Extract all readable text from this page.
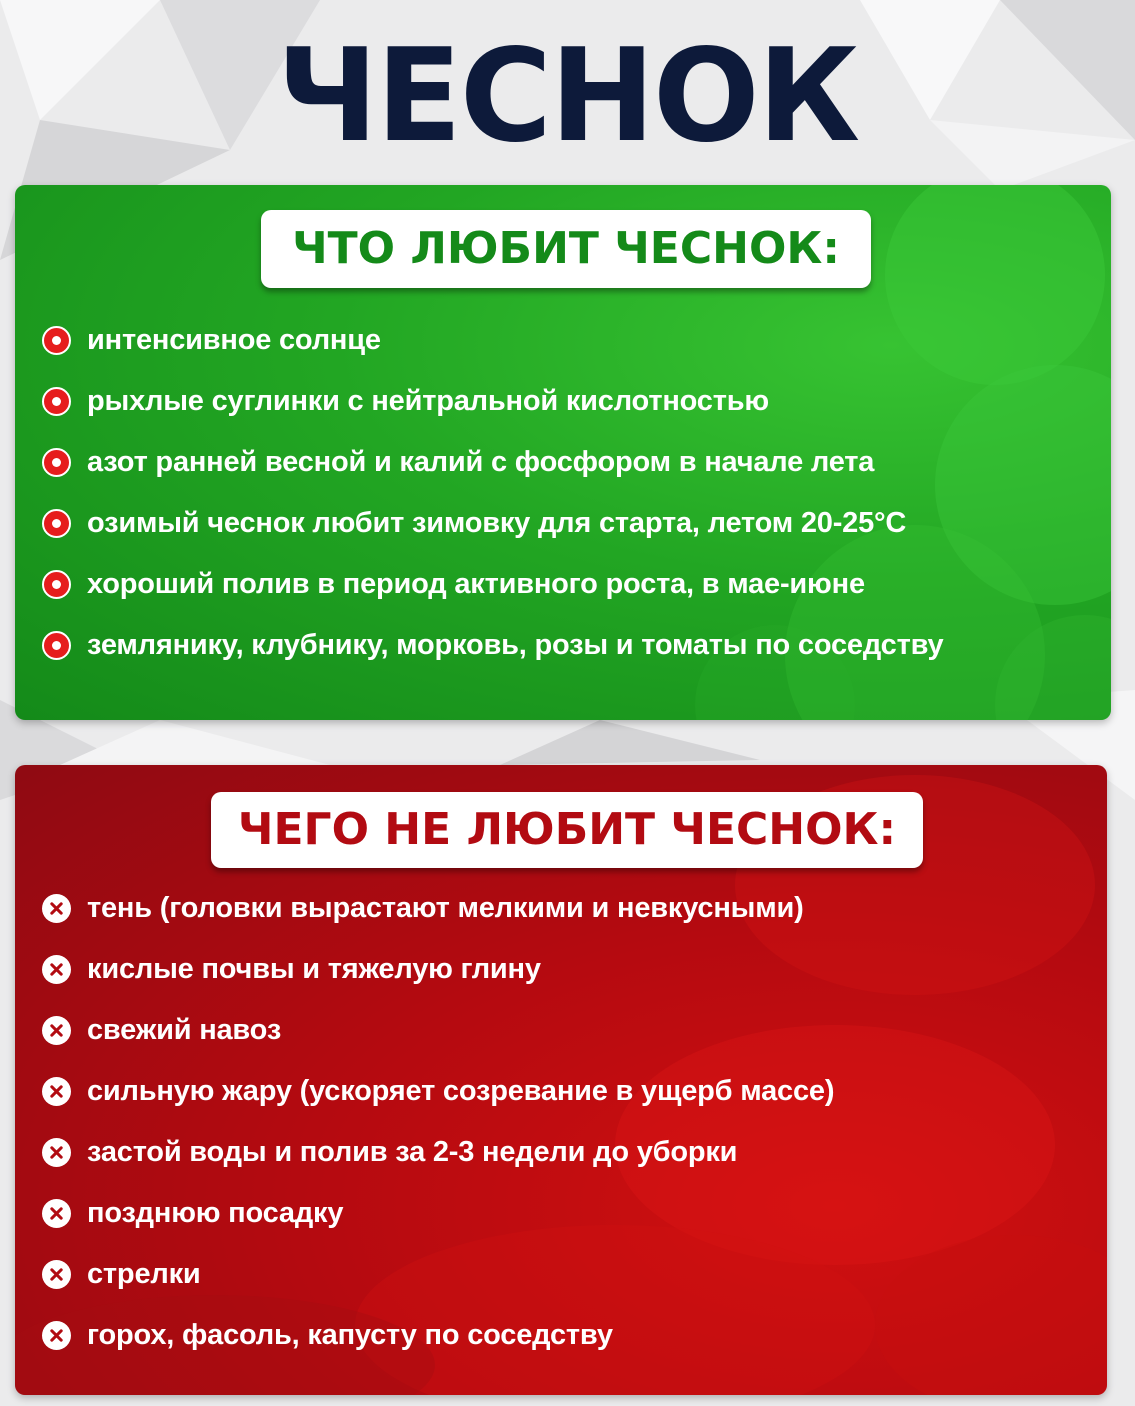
ЧЕСНОК
ЧТО ЛЮБИТ ЧЕСНОК:
интенсивное солнце
рыхлые суглинки с нейтральной кислотностью
азот ранней весной и калий с фосфором в начале лета
озимый чеснок любит зимовку для старта, летом 20-25°С
хороший полив в период активного роста, в мае-июне
землянику, клубнику, морковь, розы и томаты по соседству
ЧЕГО НЕ ЛЮБИТ ЧЕСНОК:
тень (головки вырастают мелкими и невкусными)
кислые почвы и тяжелую глину
свежий навоз
сильную жару (ускоряет созревание в ущерб массе)
застой воды и полив за 2-3 недели до уборки
позднюю посадку
стрелки
горох, фасоль, капусту по соседству
